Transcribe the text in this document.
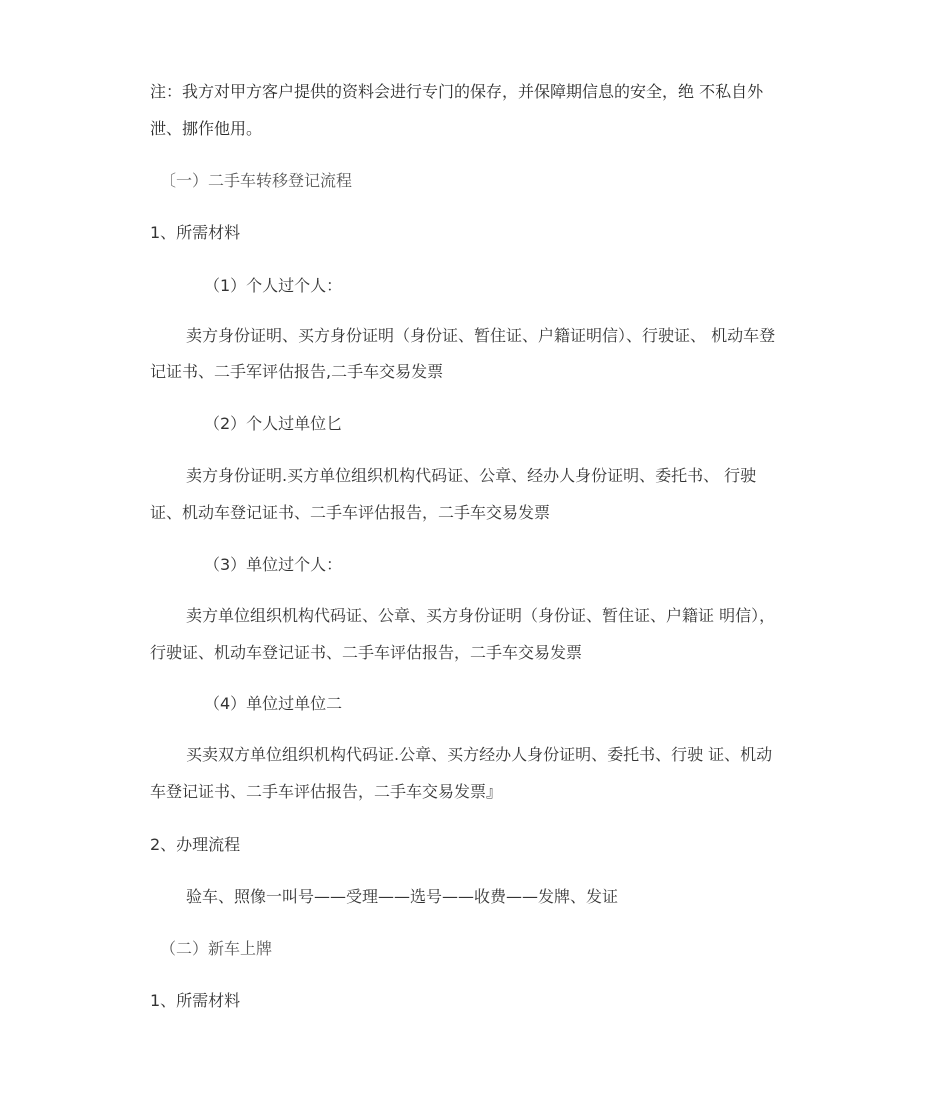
注：我方对甲方客户提供的资料会进行专门的保存，并保障期信息的安全，绝 不私自外

泄、挪作他用。

〔一）二手车转移登记流程

1、所需材料

（1）个人过个人：

卖方身份证明、买方身份证明（身份证、暂住证、户籍证明信）、行驶证、 机动车登

记证书、二手军评估报告,二手车交易发票

（2）个人过单位匕

卖方身份证明.买方单位组织机构代码证、公章、经办人身份证明、委托书、 行驶

证、机动车登记证书、二手车评估报告，二手车交易发票

（3）单位过个人：

卖方单位组织机构代码证、公章、买方身份证明（身份证、暂住证、户籍证 明信），

行驶证、机动车登记证书、二手车评估报告，二手车交易发票

（4）单位过单位二

买卖双方单位组织机构代码证.公章、买方经办人身份证明、委托书、行驶 证、机动

车登记证书、二手车评估报告，二手车交易发票』

2、办理流程

验车、照像一叫号——受理——选号——收费——发牌、发证

（二）新车上牌

1、所需材料
